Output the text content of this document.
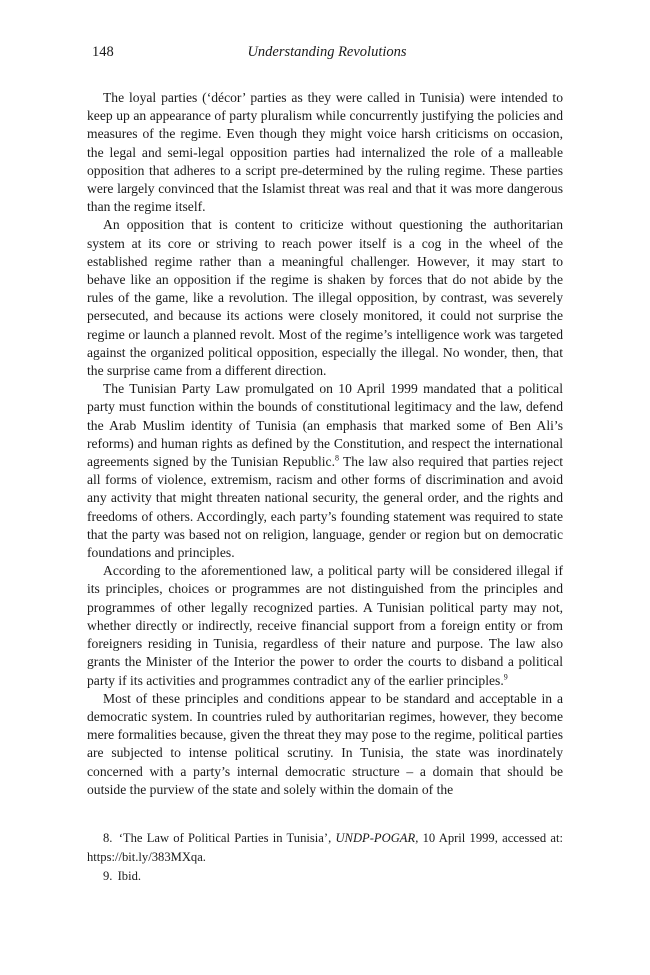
148	Understanding Revolutions

The loyal parties (‘décor’ parties as they were called in Tunisia) were intended to keep up an appearance of party pluralism while concurrently justifying the policies and measures of the regime. Even though they might voice harsh criticisms on occasion, the legal and semi-legal opposition parties had internalized the role of a malleable opposition that adheres to a script pre-determined by the ruling regime. These parties were largely convinced that the Islamist threat was real and that it was more dangerous than the regime itself.

An opposition that is content to criticize without questioning the authoritarian system at its core or striving to reach power itself is a cog in the wheel of the established regime rather than a meaningful challenger. However, it may start to behave like an opposition if the regime is shaken by forces that do not abide by the rules of the game, like a revolution. The illegal opposition, by contrast, was severely persecuted, and because its actions were closely monitored, it could not surprise the regime or launch a planned revolt. Most of the regime’s intelligence work was targeted against the organized political opposition, especially the illegal. No wonder, then, that the surprise came from a different direction.

The Tunisian Party Law promulgated on 10 April 1999 mandated that a political party must function within the bounds of constitutional legitimacy and the law, defend the Arab Muslim identity of Tunisia (an emphasis that marked some of Ben Ali’s reforms) and human rights as defined by the Constitution, and respect the international agreements signed by the Tunisian Republic.$^8$ The law also required that parties reject all forms of violence, extremism, racism and other forms of discrimination and avoid any activity that might threaten national security, the general order, and the rights and freedoms of others. Accordingly, each party’s founding statement was required to state that the party was based not on religion, language, gender or region but on democratic foundations and principles.

According to the aforementioned law, a political party will be considered illegal if its principles, choices or programmes are not distinguished from the principles and programmes of other legally recognized parties. A Tunisian political party may not, whether directly or indirectly, receive financial support from a foreign entity or from foreigners residing in Tunisia, regardless of their nature and purpose. The law also grants the Minister of the Interior the power to order the courts to disband a political party if its activities and programmes contradict any of the earlier principles.$^9$

Most of these principles and conditions appear to be standard and acceptable in a democratic system. In countries ruled by authoritarian regimes, however, they become mere formalities because, given the threat they may pose to the regime, political parties are subjected to intense political scrutiny. In Tunisia, the state was inordinately concerned with a party’s internal democratic structure – a domain that should be outside the purview of the state and solely within the domain of the

8. ‘The Law of Political Parties in Tunisia’, UNDP-POGAR, 10 April 1999, accessed at: https://bit.ly/383MXqa.

9. Ibid.
